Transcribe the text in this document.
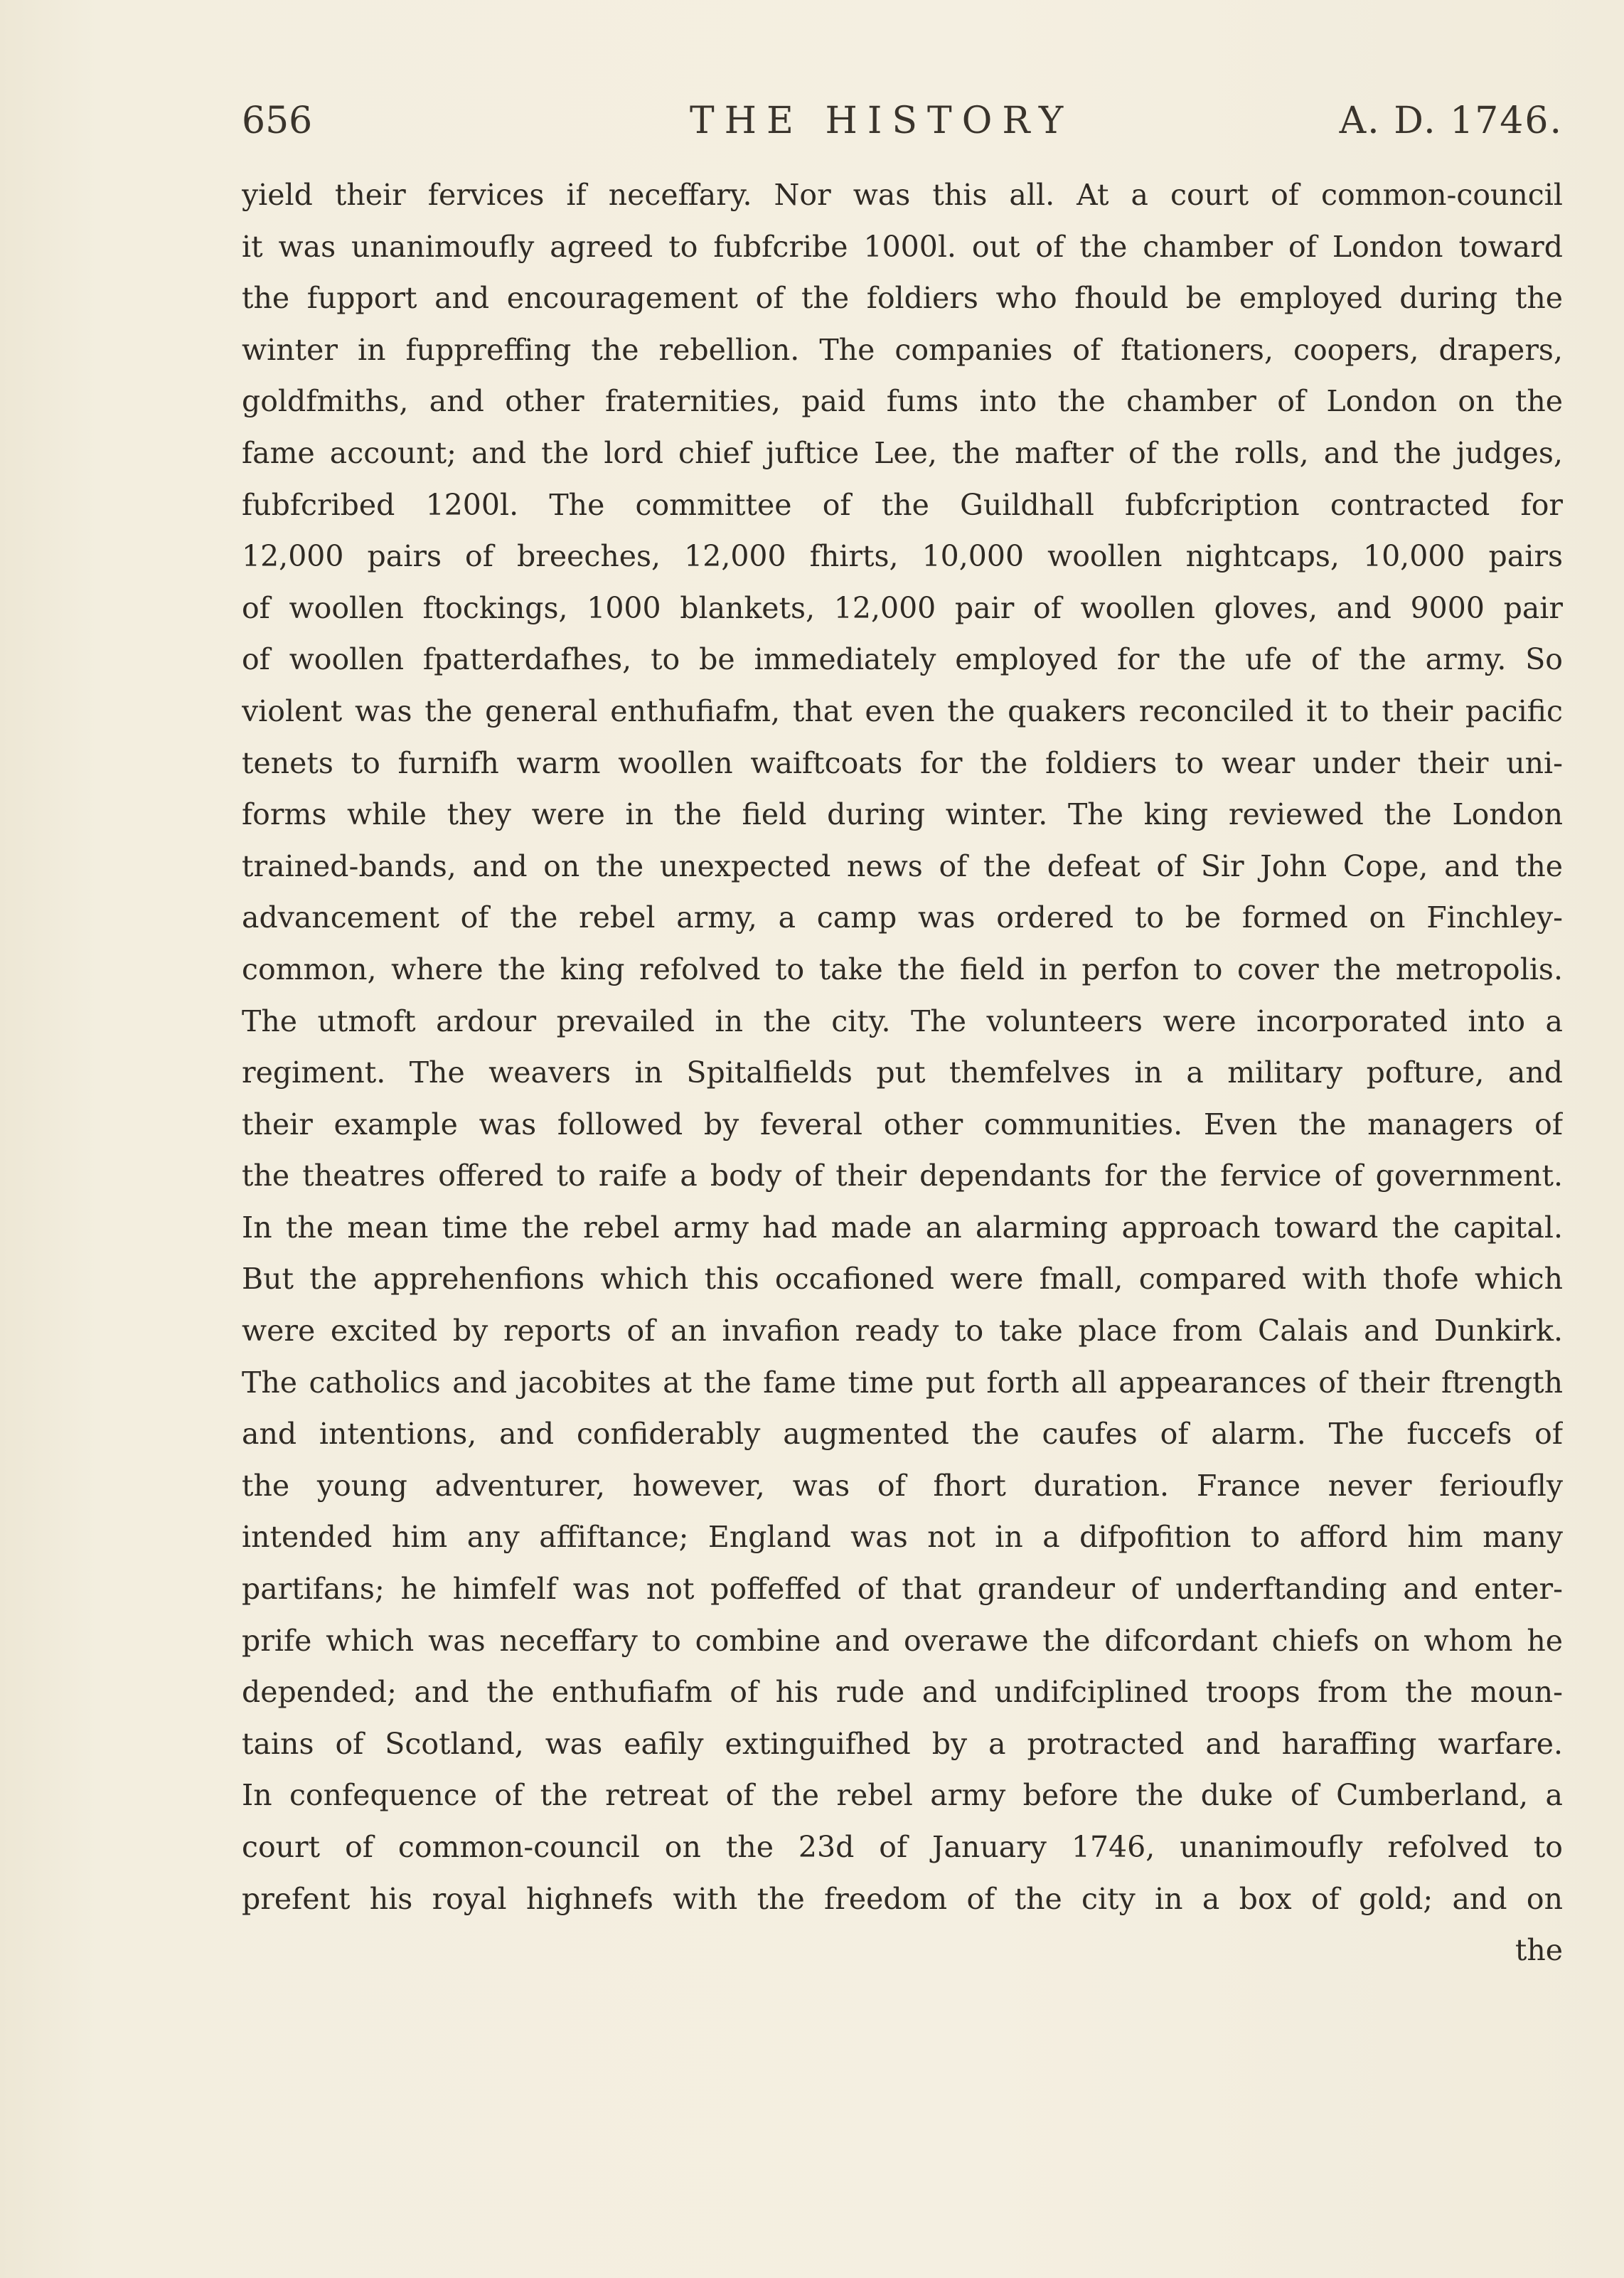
656	THE HISTORY	A. D. 1746.
yield their fervices if neceffary. Nor was this all. At a court of common-council
it was unanimoufly agreed to fubfcribe 1000l. out of the chamber of London toward
the fupport and encouragement of the foldiers who fhould be employed during the
winter in fuppreffing the rebellion. The companies of ftationers, coopers, drapers,
goldfmiths, and other fraternities, paid fums into the chamber of London on the
fame account; and the lord chief juftice Lee, the mafter of the rolls, and the judges,
fubfcribed 1200l. The committee of the Guildhall fubfcription contracted for
12,000 pairs of breeches, 12,000 fhirts, 10,000 woollen nightcaps, 10,000 pairs
of woollen ftockings, 1000 blankets, 12,000 pair of woollen gloves, and 9000 pair
of woollen fpatterdafhes, to be immediately employed for the ufe of the army. So
violent was the general enthufiafm, that even the quakers reconciled it to their pacific
tenets to furnifh warm woollen waiftcoats for the foldiers to wear under their uni-
forms while they were in the field during winter. The king reviewed the London
trained-bands, and on the unexpected news of the defeat of Sir John Cope, and the
advancement of the rebel army, a camp was ordered to be formed on Finchley-
common, where the king refolved to take the field in perfon to cover the metropolis.
The utmoft ardour prevailed in the city. The volunteers were incorporated into a
regiment. The weavers in Spitalfields put themfelves in a military pofture, and
their example was followed by feveral other communities. Even the managers of
the theatres offered to raife a body of their dependants for the fervice of government.
In the mean time the rebel army had made an alarming approach toward the capital.
But the apprehenfions which this occafioned were fmall, compared with thofe which
were excited by reports of an invafion ready to take place from Calais and Dunkirk.
The catholics and jacobites at the fame time put forth all appearances of their ftrength
and intentions, and confiderably augmented the caufes of alarm. The fuccefs of
the young adventurer, however, was of fhort duration. France never ferioufly
intended him any affiftance; England was not in a difpofition to afford him many
partifans; he himfelf was not poffeffed of that grandeur of underftanding and enter-
prife which was neceffary to combine and overawe the difcordant chiefs on whom he
depended; and the enthufiafm of his rude and undifciplined troops from the moun-
tains of Scotland, was eafily extinguifhed by a protracted and haraffing warfare.
In confequence of the retreat of the rebel army before the duke of Cumberland, a
court of common-council on the 23d of January 1746, unanimoufly refolved to
prefent his royal highnefs with the freedom of the city in a box of gold; and on
the
